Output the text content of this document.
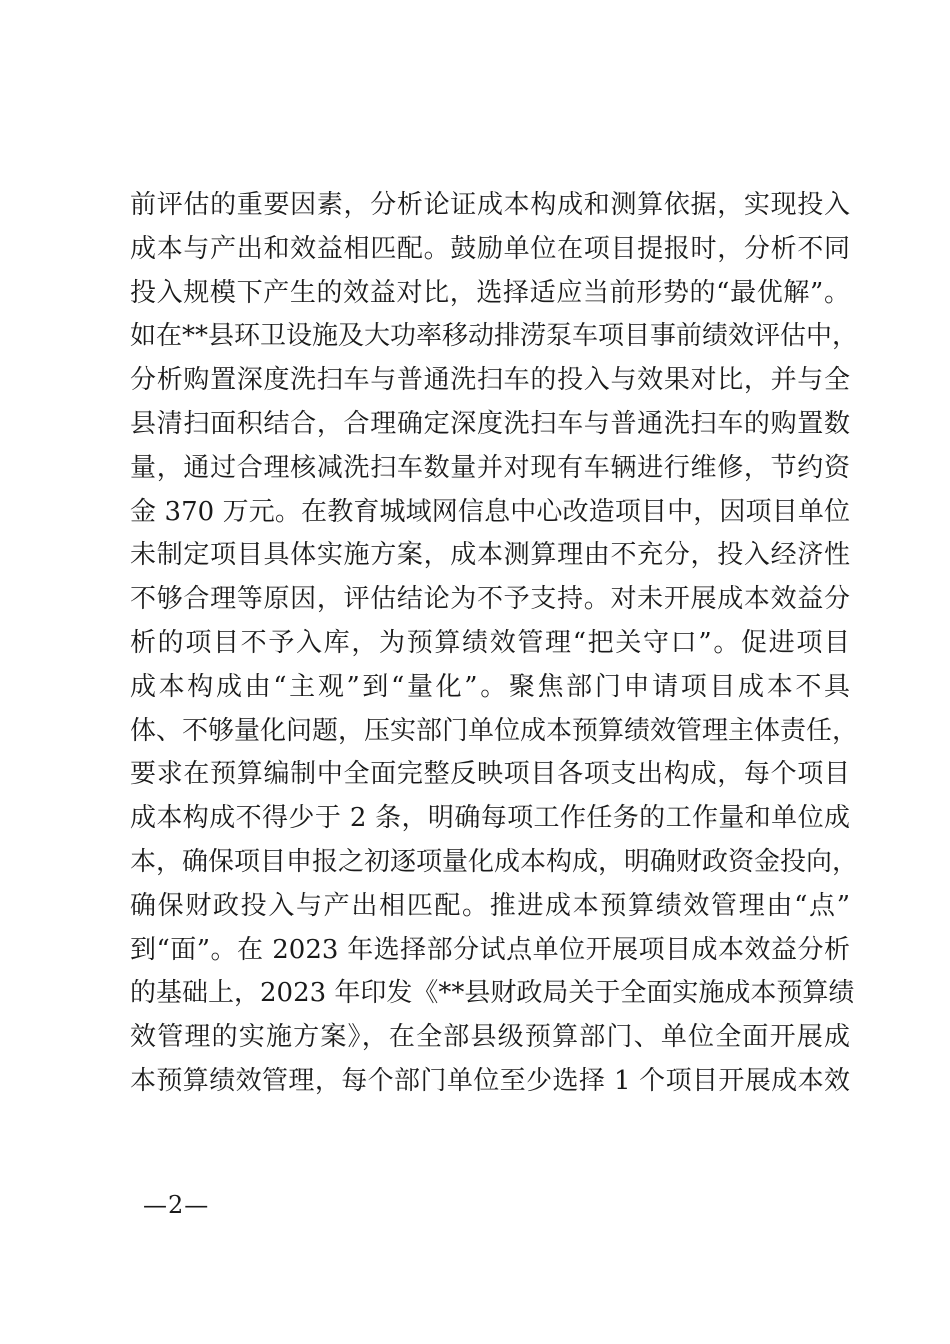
前评估的重要因素，分析论证成本构成和测算依据，实现投入
成本与产出和效益相匹配。鼓励单位在项目提报时，分析不同
投入规模下产生的效益对比，选择适应当前形势的“最优解”。
如在**县环卫设施及大功率移动排涝泵车项目事前绩效评估中，
分析购置深度洗扫车与普通洗扫车的投入与效果对比，并与全
县清扫面积结合，合理确定深度洗扫车与普通洗扫车的购置数
量，通过合理核减洗扫车数量并对现有车辆进行维修，节约资
金 370 万元。在教育城域网信息中心改造项目中，因项目单位
未制定项目具体实施方案，成本测算理由不充分，投入经济性
不够合理等原因，评估结论为不予支持。对未开展成本效益分
析的项目不予入库，为预算绩效管理“把关守口”。促进项目
成本构成由“主观”到“量化”。聚焦部门申请项目成本不具
体、不够量化问题，压实部门单位成本预算绩效管理主体责任，
要求在预算编制中全面完整反映项目各项支出构成，每个项目
成本构成不得少于 2 条，明确每项工作任务的工作量和单位成
本，确保项目申报之初逐项量化成本构成，明确财政资金投向，
确保财政投入与产出相匹配。推进成本预算绩效管理由“点”
到“面”。在 2023 年选择部分试点单位开展项目成本效益分析
的基础上，2023 年印发《**县财政局关于全面实施成本预算绩
效管理的实施方案》，在全部县级预算部门、单位全面开展成
本预算绩效管理，每个部门单位至少选择 1 个项目开展成本效
—2—
